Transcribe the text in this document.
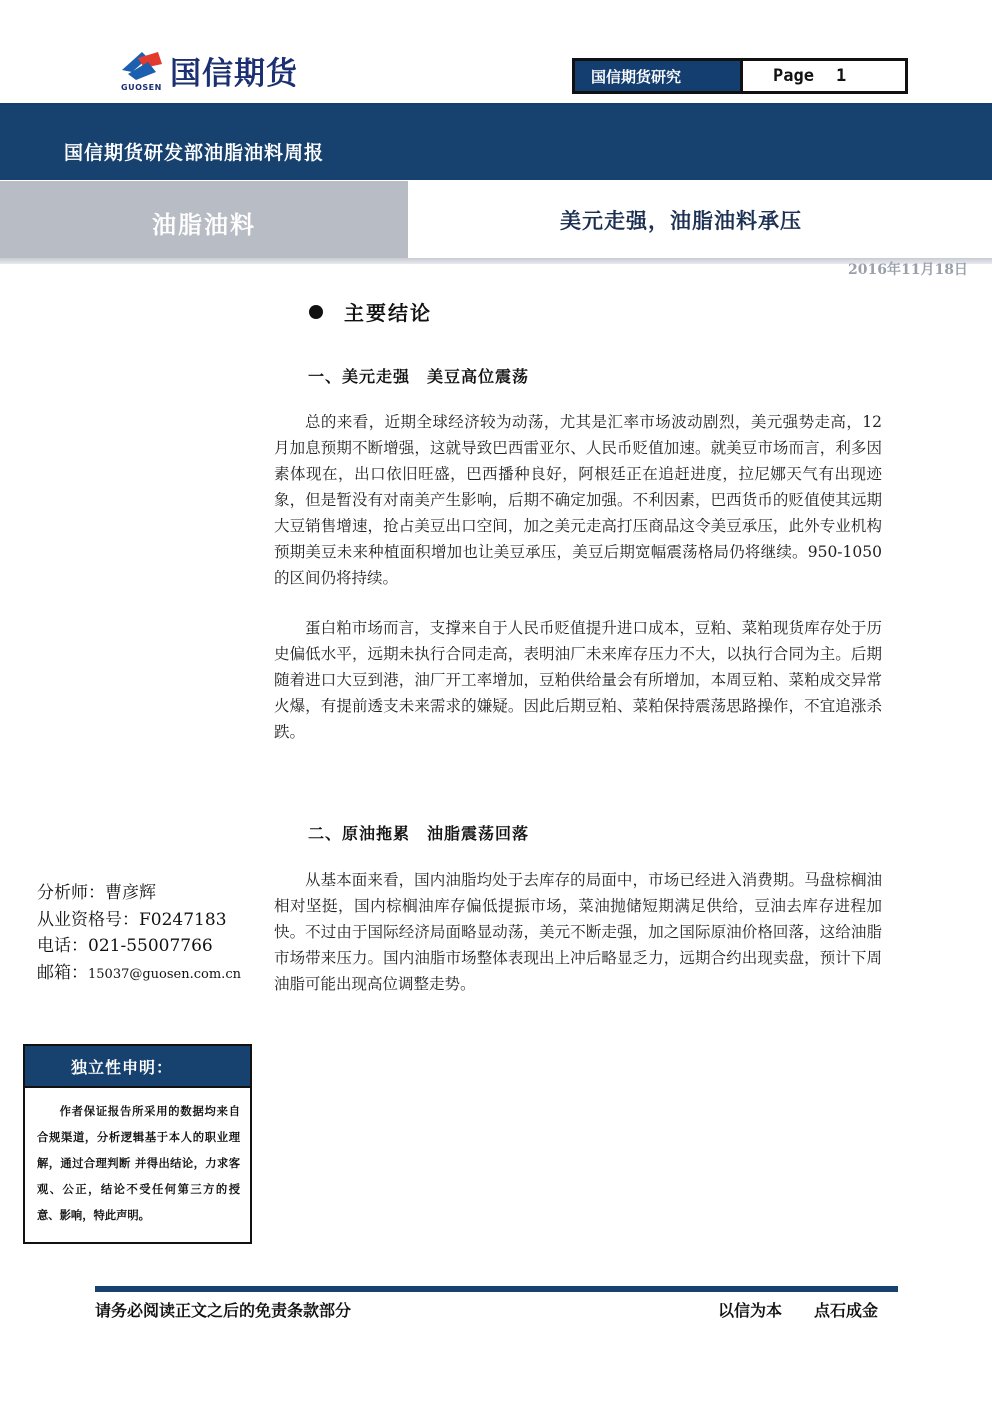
国信期货
GUOSEN
国信期货研究	Page 1
国信期货研发部油脂油料周报
油脂油料	美元走强，油脂油料承压
2016年11月18日
主要结论
一、美元走强　美豆高位震荡
总的来看，近期全球经济较为动荡，尤其是汇率市场波动剧烈，美元强势走高，12 月加息预期不断增强，这就导致巴西雷亚尔、人民币贬值加速。就美豆市场而言，利多因素体现在，出口依旧旺盛，巴西播种良好，阿根廷正在追赶进度，拉尼娜天气有出现迹象，但是暂没有对南美产生影响，后期不确定加强。不利因素，巴西货币的贬值使其远期大豆销售增速，抢占美豆出口空间，加之美元走高打压商品这令美豆承压，此外专业机构预期美豆未来种植面积增加也让美豆承压，美豆后期宽幅震荡格局仍将继续。950-1050 的区间仍将持续。
蛋白粕市场而言，支撑来自于人民币贬值提升进口成本，豆粕、菜粕现货库存处于历史偏低水平，远期未执行合同走高，表明油厂未来库存压力不大，以执行合同为主。后期随着进口大豆到港，油厂开工率增加，豆粕供给量会有所增加，本周豆粕、菜粕成交异常火爆，有提前透支未来需求的嫌疑。因此后期豆粕、菜粕保持震荡思路操作，不宜追涨杀跌。
二、原油拖累　油脂震荡回落
从基本面来看，国内油脂均处于去库存的局面中，市场已经进入消费期。马盘棕榈油相对坚挺，国内棕榈油库存偏低提振市场，菜油抛储短期满足供给，豆油去库存进程加快。不过由于国际经济局面略显动荡，美元不断走强，加之国际原油价格回落，这给油脂市场带来压力。国内油脂市场整体表现出上冲后略显乏力，远期合约出现卖盘，预计下周油脂可能出现高位调整走势。
分析师：曹彦辉
从业资格号：F0247183
电话：021-55007766
邮箱：15037@guosen.com.cn
独立性申明：
作者保证报告所采用的数据均来自合规渠道，分析逻辑基于本人的职业理解，通过合理判断 并得出结论，力求客观、公正，结论不受任何第三方的授意、影响，特此声明。
请务必阅读正文之后的免责条款部分	以信为本　　点石成金
